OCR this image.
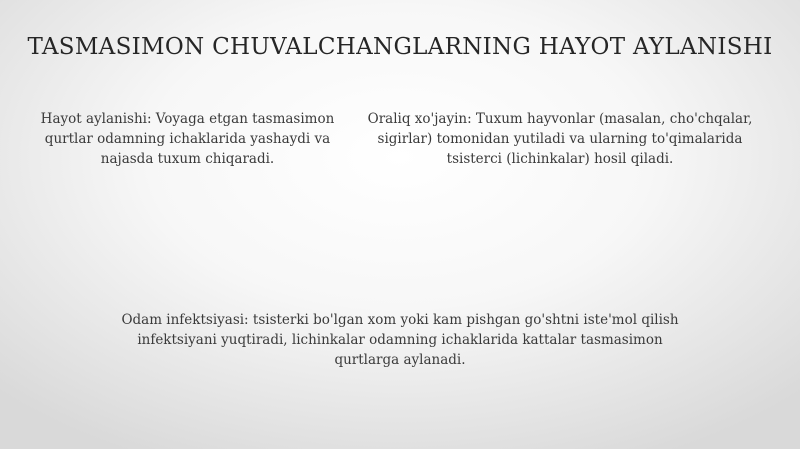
TASMASIMON CHUVALCHANGLARNING HAYOT AYLANISHI
Hayot aylanishi: Voyaga etgan tasmasimon qurtlar odamning ichaklarida yashaydi va najasda tuxum chiqaradi.
Oraliq xo'jayin: Tuxum hayvonlar (masalan, cho'chqalar, sigirlar) tomonidan yutiladi va ularning to'qimalarida tsisterci (lichinkalar) hosil qiladi.
Odam infektsiyasi: tsisterki bo'lgan xom yoki kam pishgan go'shtni iste'mol qilish infektsiyani yuqtiradi, lichinkalar odamning ichaklarida kattalar tasmasimon qurtlarga aylanadi.
